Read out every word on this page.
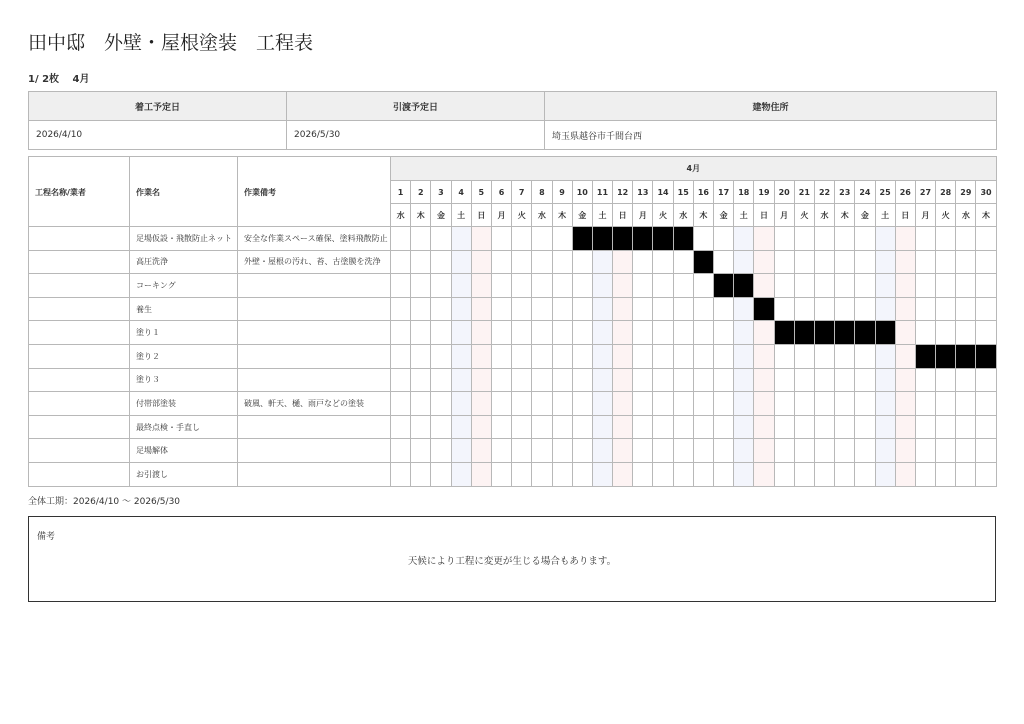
田中邸　外壁・屋根塗装　工程表
1/ 2枚 4月
着工予定日	引渡予定日	建物住所
2026/4/10	2026/5/30	埼玉県越谷市千間台西
工程名称/業者	作業名	作業備考	4月																													
			1	2	3	4	5	6	7	8	9	10	11	12	13	14	15	16	17	18	19	20	21	22	23	24	25	26	27	28	29	30
			水	木	金	土	日	月	火	水	木	金	土	日	月	火	水	木	金	土	日	月	火	水	木	金	土	日	月	火	水	木
	足場仮設・飛散防止ネット	安全な作業スペース確保、塗料飛散防止																														
	高圧洗浄	外壁・屋根の汚れ、苔、古塗膜を洗浄																														
	コーキング																															
	養生																															
	塗り１																															
	塗り２																															
	塗り３																															
	付帯部塗装	破風、軒天、樋、雨戸などの塗装																														
	最終点検・手直し																															
	足場解体																															
	お引渡し																															
全体工期：2026/4/10 〜 2026/5/30
備考
天候により工程に変更が生じる場合もあります。
